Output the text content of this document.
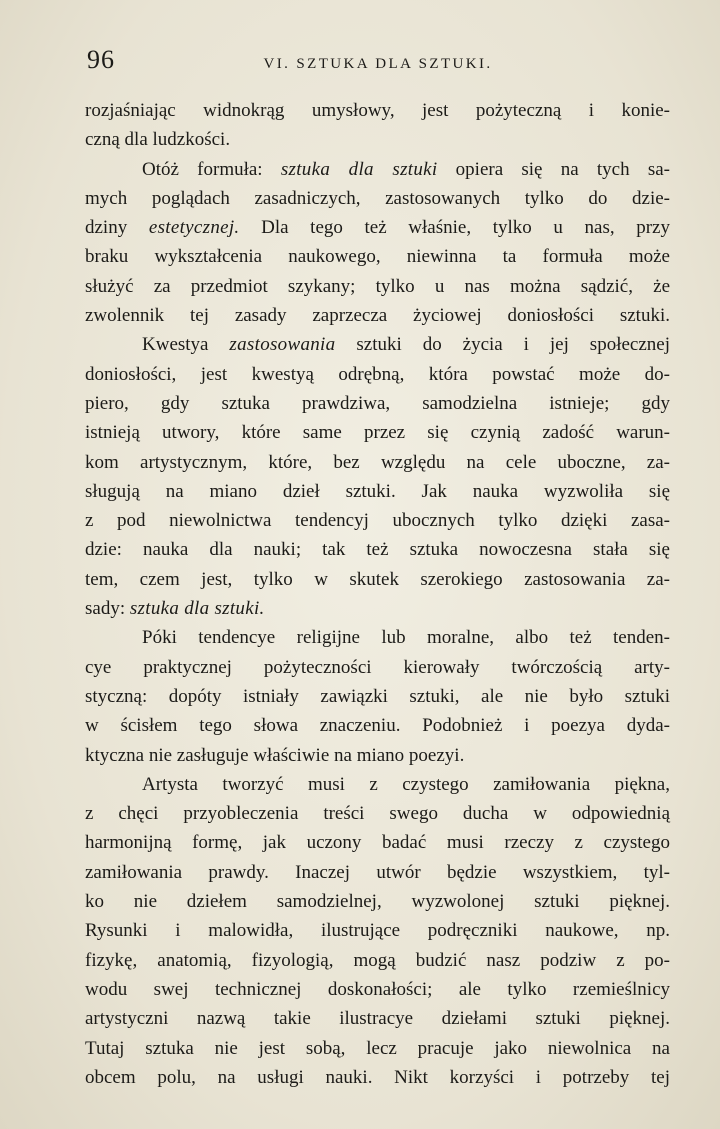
96	VI. SZTUKA DLA SZTUKI.
rozjaśniając widnokrąg umysłowy, jest pożyteczną i konie-
czną dla ludzkości.
Otóż formuła: sztuka dla sztuki opiera się na tych sa-
mych poglądach zasadniczych, zastosowanych tylko do dzie-
dziny estetycznej. Dla tego też właśnie, tylko u nas, przy
braku wykształcenia naukowego, niewinna ta formuła może
służyć za przedmiot szykany; tylko u nas można sądzić, że
zwolennik tej zasady zaprzecza życiowej doniosłości sztuki.
Kwestya zastosowania sztuki do życia i jej społecznej
doniosłości, jest kwestyą odrębną, która powstać może do-
piero, gdy sztuka prawdziwa, samodzielna istnieje; gdy
istnieją utwory, które same przez się czynią zadość warun-
kom artystycznym, które, bez względu na cele uboczne, za-
sługują na miano dzieł sztuki. Jak nauka wyzwoliła się
z pod niewolnictwa tendencyj ubocznych tylko dzięki zasa-
dzie: nauka dla nauki; tak też sztuka nowoczesna stała się
tem, czem jest, tylko w skutek szerokiego zastosowania za-
sady: sztuka dla sztuki.
Póki tendencye religijne lub moralne, albo też tenden-
cye praktycznej pożyteczności kierowały twórczością arty-
styczną: dopóty istniały zawiązki sztuki, ale nie było sztuki
w ścisłem tego słowa znaczeniu. Podobnież i poezya dyda-
ktyczna nie zasługuje właściwie na miano poezyi.
Artysta tworzyć musi z czystego zamiłowania piękna,
z chęci przyobleczenia treści swego ducha w odpowiednią
harmonijną formę, jak uczony badać musi rzeczy z czystego
zamiłowania prawdy. Inaczej utwór będzie wszystkiem, tyl-
ko nie dziełem samodzielnej, wyzwolonej sztuki pięknej.
Rysunki i malowidła, ilustrujące podręczniki naukowe, np.
fizykę, anatomią, fizyologią, mogą budzić nasz podziw z po-
wodu swej technicznej doskonałości; ale tylko rzemieślnicy
artystyczni nazwą takie ilustracye dziełami sztuki pięknej.
Tutaj sztuka nie jest sobą, lecz pracuje jako niewolnica na
obcem polu, na usługi nauki. Nikt korzyści i potrzeby tej
